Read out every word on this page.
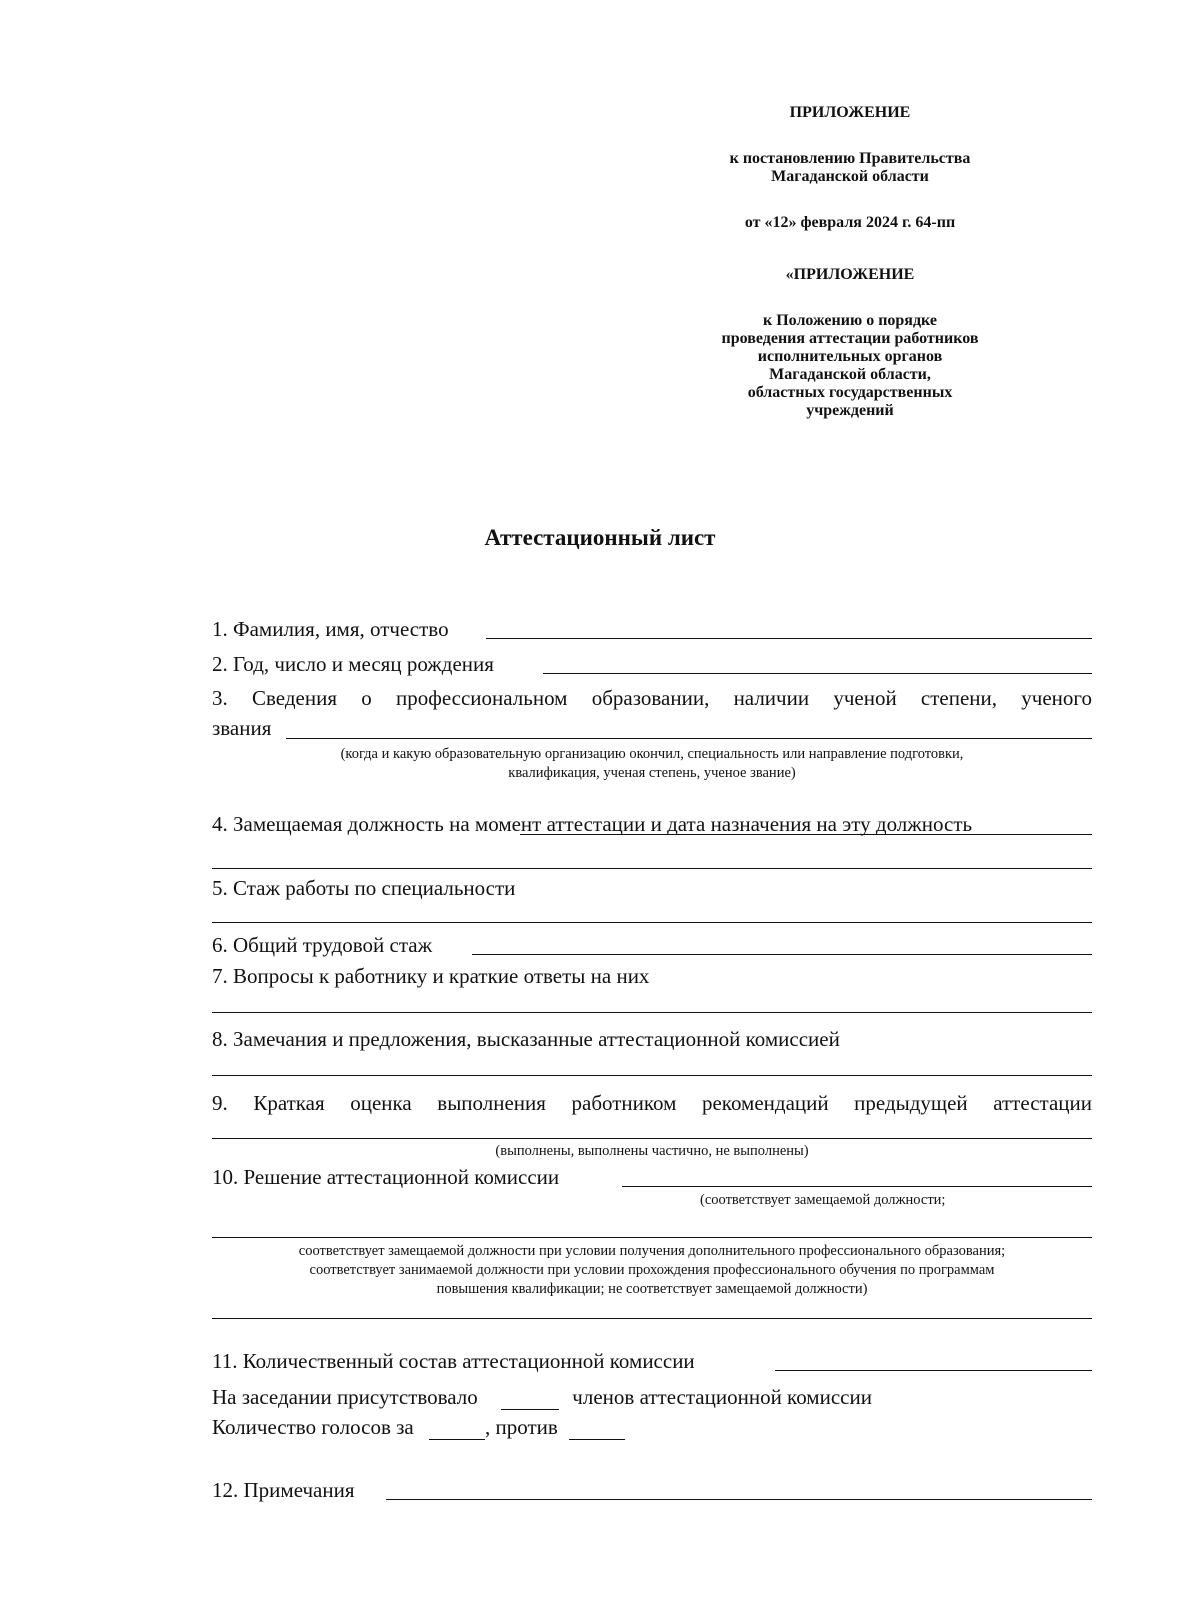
ПРИЛОЖЕНИЕ
к постановлению Правительства
Магаданской области
от «12» февраля 2024 г. 64-пп
«ПРИЛОЖЕНИЕ
к Положению о порядке
проведения аттестации работников
исполнительных органов
Магаданской области,
областных государственных
учреждений
Аттестационный лист
1. Фамилия, имя, отчество
2. Год, число и месяц рождения
3. Сведения о профессиональном образовании, наличии ученой степени, ученого
звания
(когда и какую образовательную организацию окончил, специальность или направление подготовки,
квалификация, ученая степень, ученое звание)
4. Замещаемая должность на момент аттестации и дата назначения на эту должность
5. Стаж работы по специальности
6. Общий трудовой стаж
7. Вопросы к работнику и краткие ответы на них
8. Замечания и предложения, высказанные аттестационной комиссией
9. Краткая оценка выполнения работником рекомендаций предыдущей аттестации
(выполнены, выполнены частично, не выполнены)
10. Решение аттестационной комиссии
(соответствует замещаемой должности;
соответствует замещаемой должности при условии получения дополнительного профессионального образования;
соответствует занимаемой должности при условии прохождения профессионального обучения по программам
повышения квалификации; не соответствует замещаемой должности)
11. Количественный состав аттестационной комиссии
На заседании присутствовало	членов аттестационной комиссии
Количество голосов за	, против
12. Примечания
